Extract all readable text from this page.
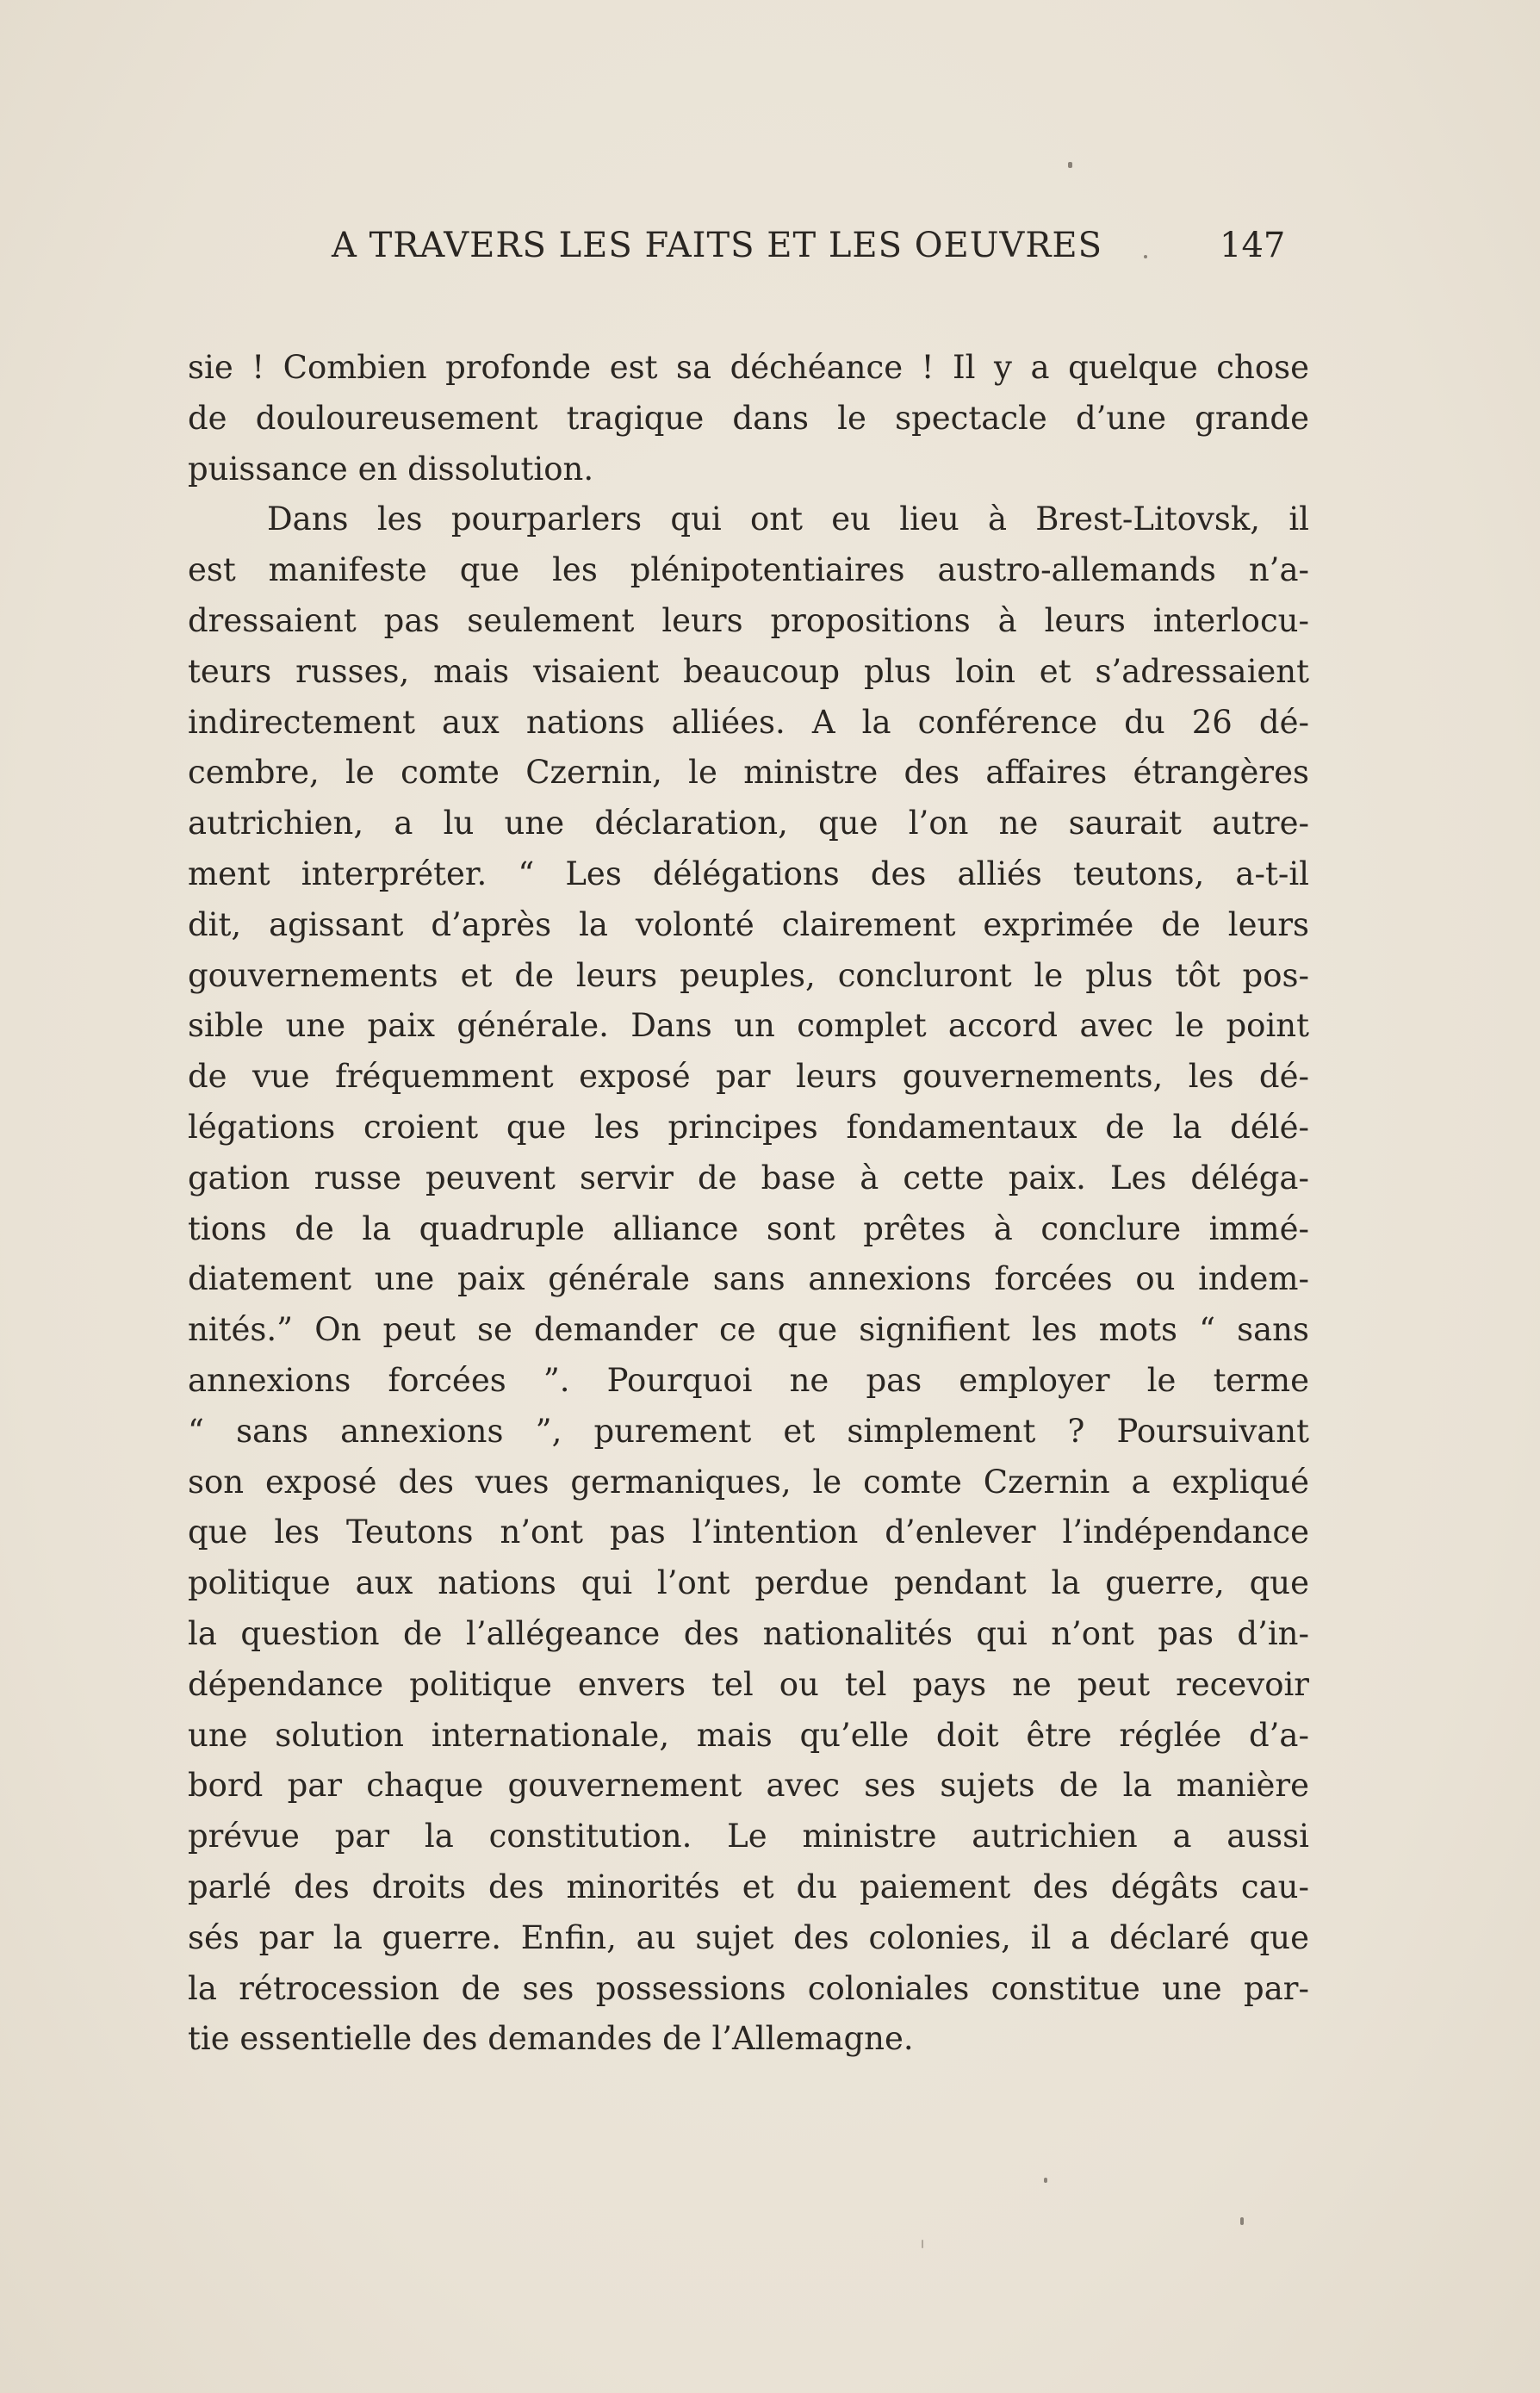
A TRAVERS LES FAITS ET LES OEUVRES	147
sie ! Combien profonde est sa déchéance ! Il y a quelque chose
de douloureusement tragique dans le spectacle d’une grande
puissance en dissolution.
Dans les pourparlers qui ont eu lieu à Brest-Litovsk, il
est manifeste que les plénipotentiaires austro-allemands n’a-
dressaient pas seulement leurs propositions à leurs interlocu-
teurs russes, mais visaient beaucoup plus loin et s’adressaient
indirectement aux nations alliées. A la conférence du 26 dé-
cembre, le comte Czernin, le ministre des affaires étrangères
autrichien, a lu une déclaration, que l’on ne saurait autre-
ment interpréter. “ Les délégations des alliés teutons, a-t-il
dit, agissant d’après la volonté clairement exprimée de leurs
gouvernements et de leurs peuples, concluront le plus tôt pos-
sible une paix générale. Dans un complet accord avec le point
de vue fréquemment exposé par leurs gouvernements, les dé-
légations croient que les principes fondamentaux de la délé-
gation russe peuvent servir de base à cette paix. Les déléga-
tions de la quadruple alliance sont prêtes à conclure immé-
diatement une paix générale sans annexions forcées ou indem-
nités.” On peut se demander ce que signifient les mots “ sans
annexions forcées ”. Pourquoi ne pas employer le terme
“ sans annexions ”, purement et simplement ? Poursuivant
son exposé des vues germaniques, le comte Czernin a expliqué
que les Teutons n’ont pas l’intention d’enlever l’indépendance
politique aux nations qui l’ont perdue pendant la guerre, que
la question de l’allégeance des nationalités qui n’ont pas d’in-
dépendance politique envers tel ou tel pays ne peut recevoir
une solution internationale, mais qu’elle doit être réglée d’a-
bord par chaque gouvernement avec ses sujets de la manière
prévue par la constitution. Le ministre autrichien a aussi
parlé des droits des minorités et du paiement des dégâts cau-
sés par la guerre. Enfin, au sujet des colonies, il a déclaré que
la rétrocession de ses possessions coloniales constitue une par-
tie essentielle des demandes de l’Allemagne.
